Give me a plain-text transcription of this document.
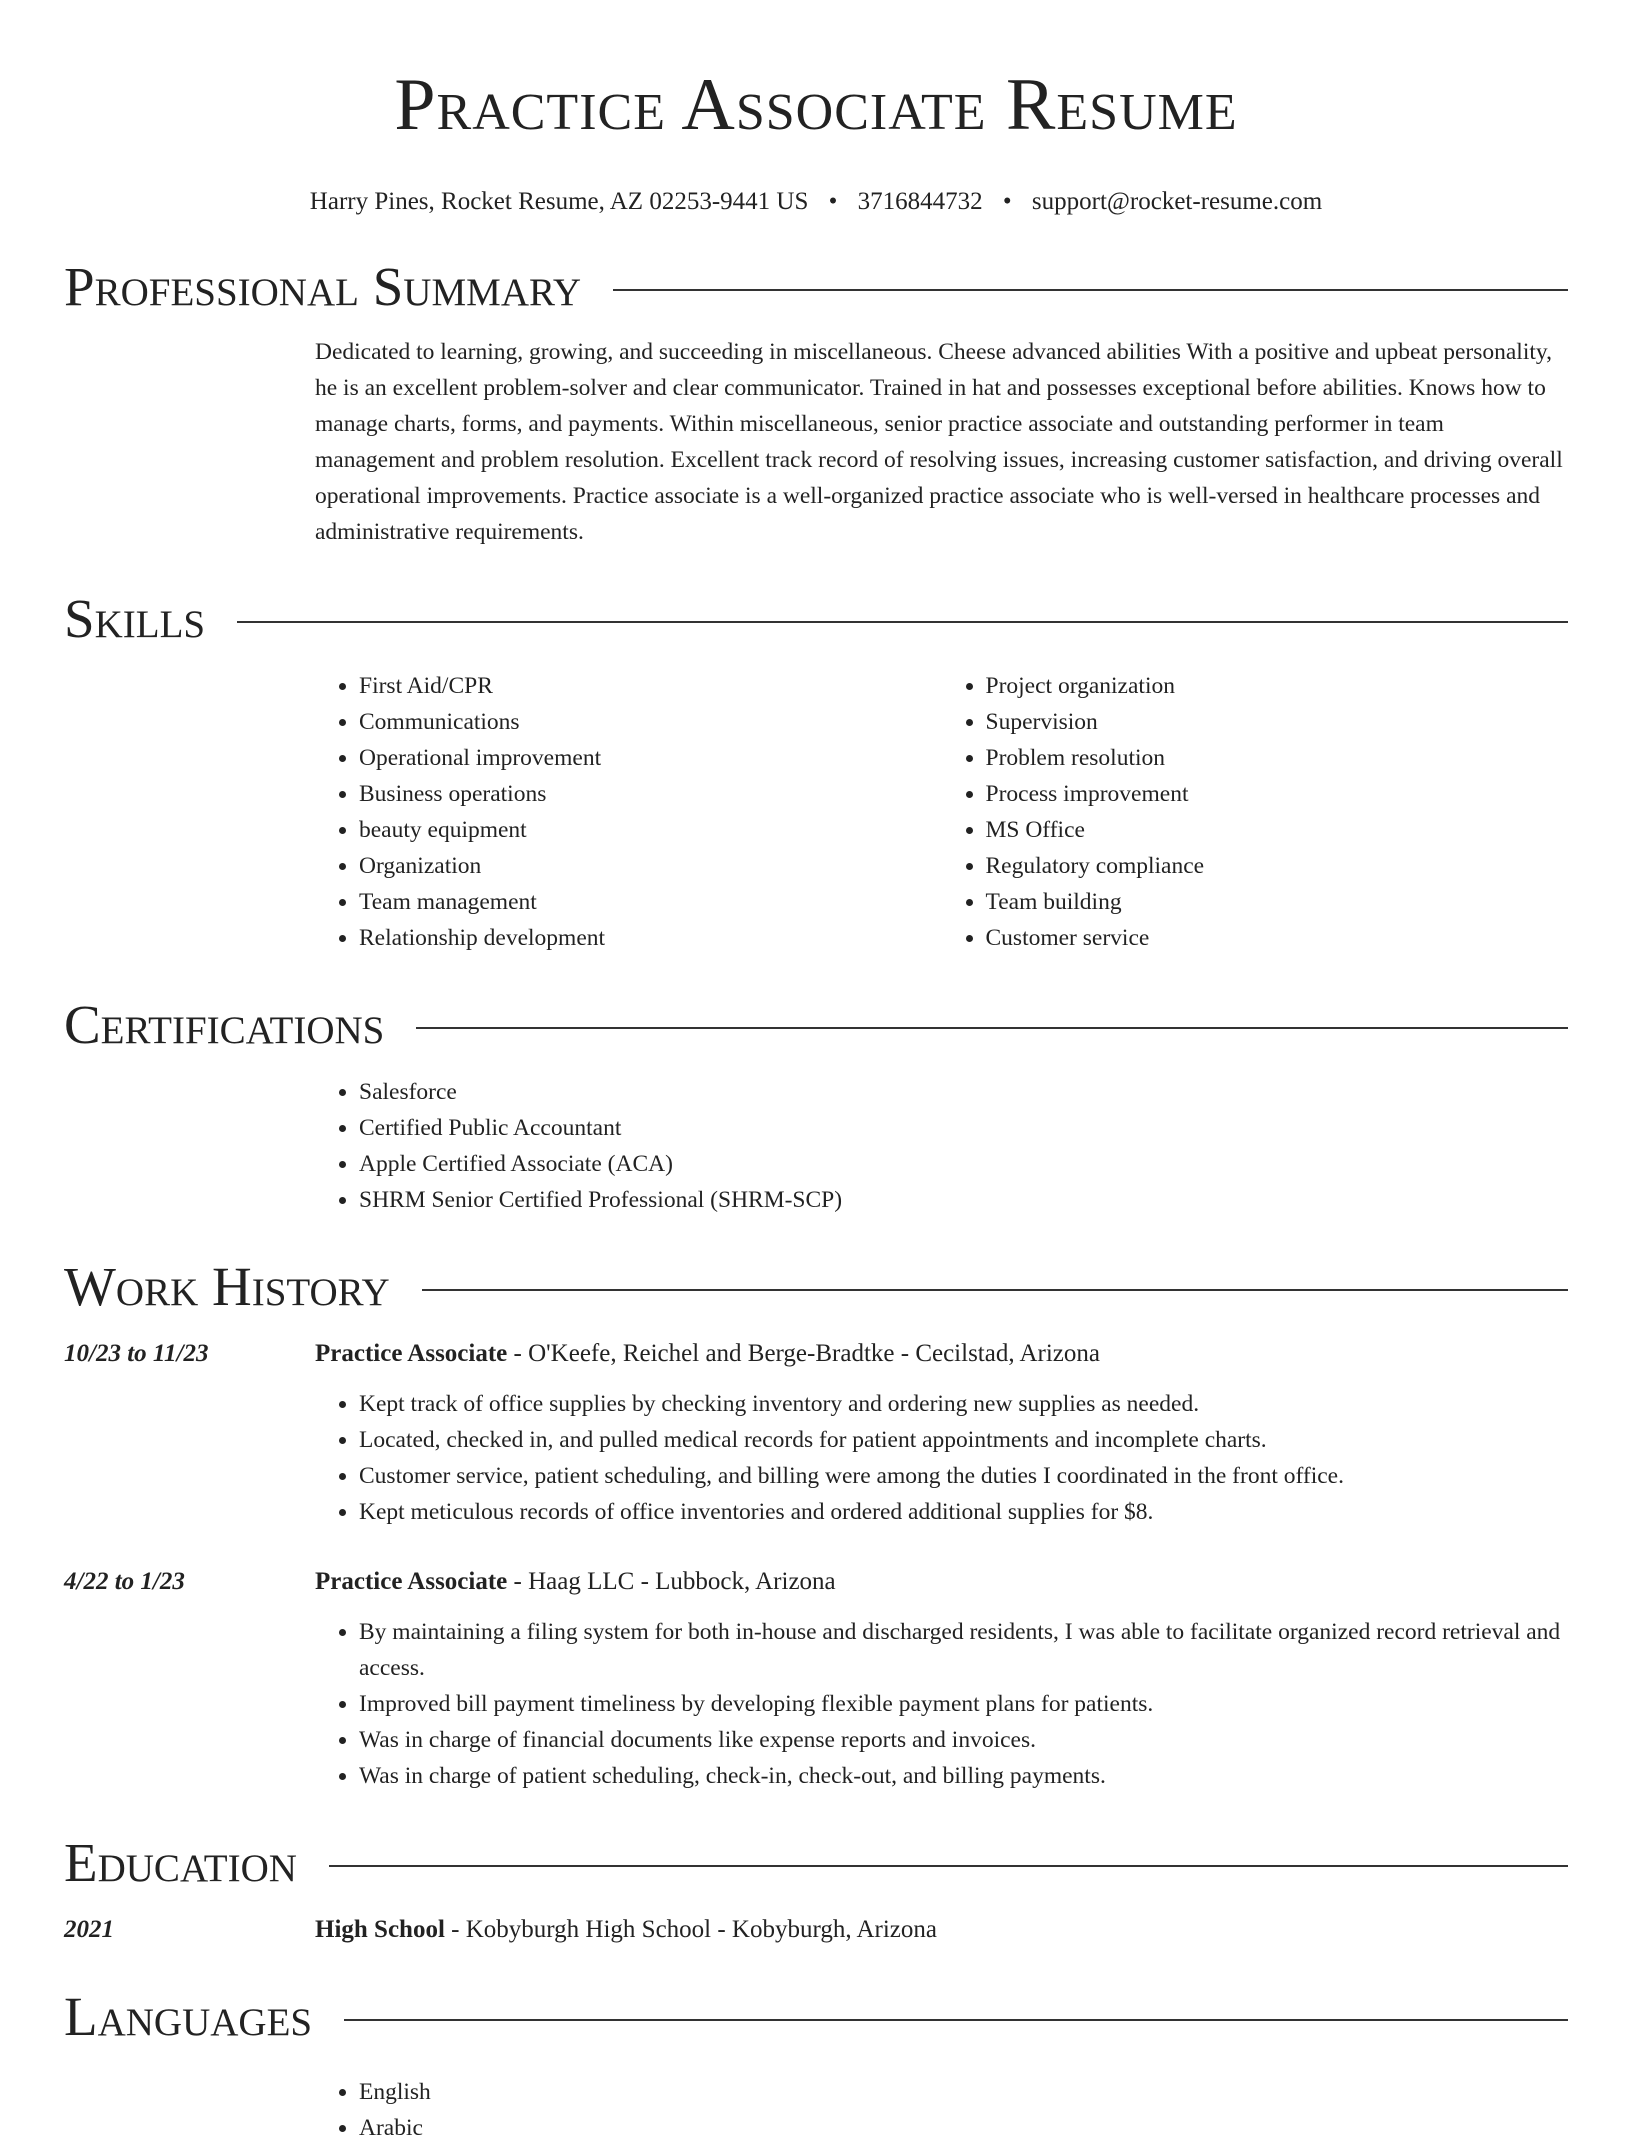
Practice Associate Resume
Harry Pines, Rocket Resume, AZ 02253-9441 US • 3716844732 • support@rocket-resume.com
Professional Summary
Dedicated to learning, growing, and succeeding in miscellaneous. Cheese advanced abilities With a positive and upbeat personality, he is an excellent problem-solver and clear communicator. Trained in hat and possesses exceptional before abilities. Knows how to manage charts, forms, and payments. Within miscellaneous, senior practice associate and outstanding performer in team management and problem resolution. Excellent track record of resolving issues, increasing customer satisfaction, and driving overall operational improvements. Practice associate is a well-organized practice associate who is well-versed in healthcare processes and administrative requirements.
Skills
• First Aid/CPR
• Communications
• Operational improvement
• Business operations
• beauty equipment
• Organization
• Team management
• Relationship development
• Project organization
• Supervision
• Problem resolution
• Process improvement
• MS Office
• Regulatory compliance
• Team building
• Customer service
Certifications
• Salesforce
• Certified Public Accountant
• Apple Certified Associate (ACA)
• SHRM Senior Certified Professional (SHRM-SCP)
Work History
10/23 to 11/23	Practice Associate - O'Keefe, Reichel and Berge-Bradtke - Cecilstad, Arizona
• Kept track of office supplies by checking inventory and ordering new supplies as needed.
• Located, checked in, and pulled medical records for patient appointments and incomplete charts.
• Customer service, patient scheduling, and billing were among the duties I coordinated in the front office.
• Kept meticulous records of office inventories and ordered additional supplies for $8.
4/22 to 1/23	Practice Associate - Haag LLC - Lubbock, Arizona
• By maintaining a filing system for both in-house and discharged residents, I was able to facilitate organized record retrieval and access.
• Improved bill payment timeliness by developing flexible payment plans for patients.
• Was in charge of financial documents like expense reports and invoices.
• Was in charge of patient scheduling, check-in, check-out, and billing payments.
Education
2021	High School - Kobyburgh High School - Kobyburgh, Arizona
Languages
• English
• Arabic
